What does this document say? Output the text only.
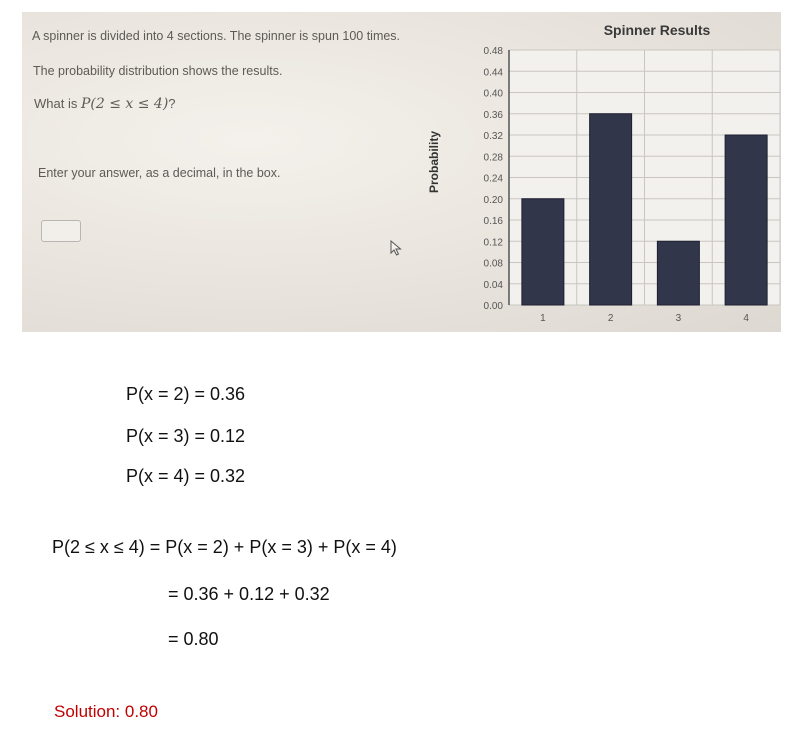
A spinner is divided into 4 sections. The spinner is spun 100 times.
The probability distribution shows the results.
What is P(2 ≤ x ≤ 4)?
Enter your answer, as a decimal, in the box.
Spinner Results
Probability
0.00
0.04
0.08
0.12
0.16
0.20
0.24
0.28
0.32
0.36
0.40
0.44
0.48
1	2	3	4
P(x = 2) = 0.36
P(x = 3) = 0.12
P(x = 4) = 0.32
P(2 ≤ x ≤ 4) = P(x = 2) + P(x = 3) + P(x = 4)
= 0.36 + 0.12 + 0.32
= 0.80
Solution: 0.80
